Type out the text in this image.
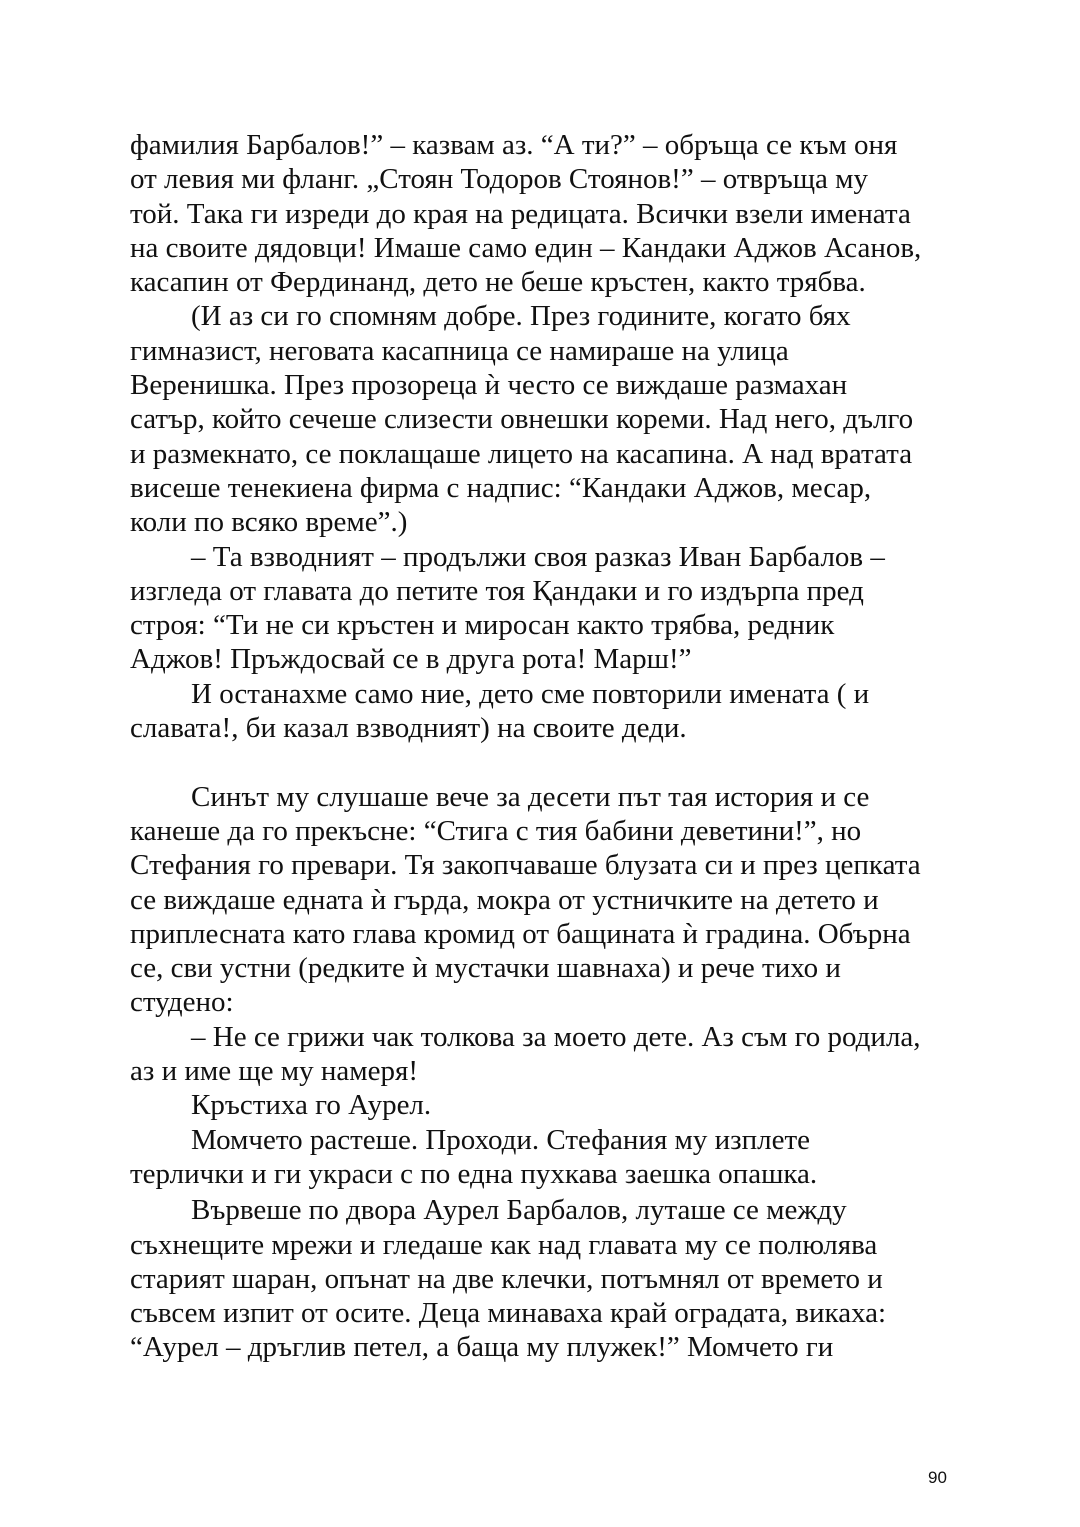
фамилия Барбалов!” – казвам аз. “А ти?” – обръща се към оня
от левия ми фланг. „Стоян Тодоров Стоянов!” – отвръща му
той. Така ги изреди до края на редицата. Всички взели имената
на своите дядовци! Имаше само един – Кандаки Аджов Асанов,
касапин от Фердинанд, дето не беше кръстен, както трябва.
(И аз си го спомням добре. През годините, когато бях
гимназист, неговата касапница се намираше на улица
Веренишка. През прозореца ѝ често се виждаше размахан
сатър, който сечеше слизести овнешки кореми. Над него, дълго
и размекнато, се поклащаше лицето на касапина. А над вратата
висеше тенекиена фирма с надпис: “Кандаки Аджов, месар,
коли по всяко време”.)
– Та взводният – продължи своя разказ Иван Барбалов –
изгледа от главата до петите тоя Қандаки и го издърпа пред
строя: “Ти не си кръстен и миросан както трябва, редник
Аджов! Пръждосвай се в друга рота! Марш!”
И останахме само ние, дето сме повторили имената ( и
славата!, би казал взводният) на своите деди.
Синът му слушаше вече за десети път тая история и се
канеше да го прекъсне: “Стига с тия бабини деветини!”, но
Стефания го превари. Тя закопчаваше блузата си и през цепката
се виждаше едната ѝ гърда, мокра от устничките на детето и
приплесната като глава кромид от бащината ѝ градина. Обърна
се, сви устни (редките ѝ мустачки шавнаха) и рече тихо и
студено:
– Не се грижи чак толкова за моето дете. Аз съм го родила,
аз и име ще му намеря!
Кръстиха го Аурел.
Момчето растеше. Проходи. Стефания му изплете
терлички и ги украси с по една пухкава заешка опашка.
Вървеше по двора Аурел Барбалов, луташе се между
съхнещите мрежи и гледаше как над главата му се полюлява
старият шаран, опънат на две клечки, потъмнял от времето и
съвсем изпит от осите. Деца минаваха край оградата, викаха:
“Аурел – дръглив петел, а баща му плужек!” Момчето ги
90
